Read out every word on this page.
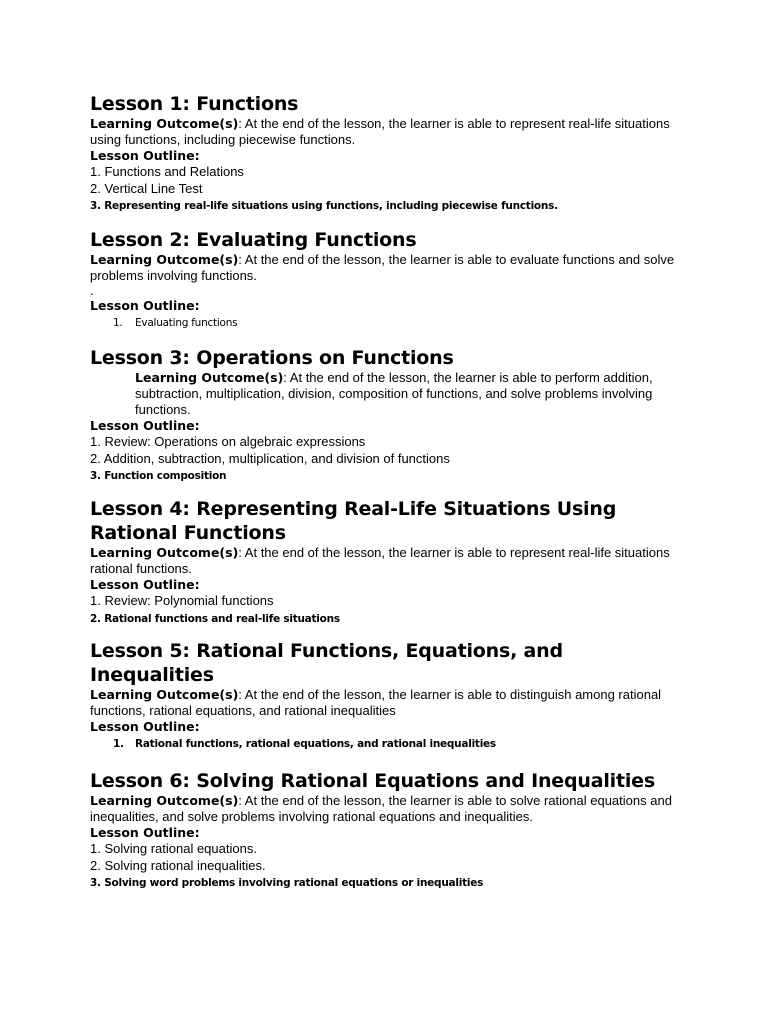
Lesson 1: Functions

Learning Outcome(s): At the end of the lesson, the learner is able to represent real-life situations using functions, including piecewise functions.

Lesson Outline:

1. Functions and Relations

2. Vertical Line Test

3. Representing real-life situations using functions, including piecewise functions.

Lesson 2: Evaluating Functions

Learning Outcome(s): At the end of the lesson, the learner is able to evaluate functions and solve problems involving functions.

.

Lesson Outline:

1. Evaluating functions

Lesson 3: Operations on Functions

Learning Outcome(s): At the end of the lesson, the learner is able to perform addition, subtraction, multiplication, division, composition of functions, and solve problems involving functions.

Lesson Outline:

1. Review: Operations on algebraic expressions

2. Addition, subtraction, multiplication, and division of functions

3. Function composition

Lesson 4: Representing Real-Life Situations Using Rational Functions

Learning Outcome(s): At the end of the lesson, the learner is able to represent real-life situations rational functions.

Lesson Outline:

1. Review: Polynomial functions

2. Rational functions and real-life situations

Lesson 5: Rational Functions, Equations, and Inequalities

Learning Outcome(s): At the end of the lesson, the learner is able to distinguish among rational functions, rational equations, and rational inequalities

Lesson Outline:

1. Rational functions, rational equations, and rational inequalities

Lesson 6: Solving Rational Equations and Inequalities

Learning Outcome(s): At the end of the lesson, the learner is able to solve rational equations and inequalities, and solve problems involving rational equations and inequalities.

Lesson Outline:

1. Solving rational equations.

2. Solving rational inequalities.

3. Solving word problems involving rational equations or inequalities
